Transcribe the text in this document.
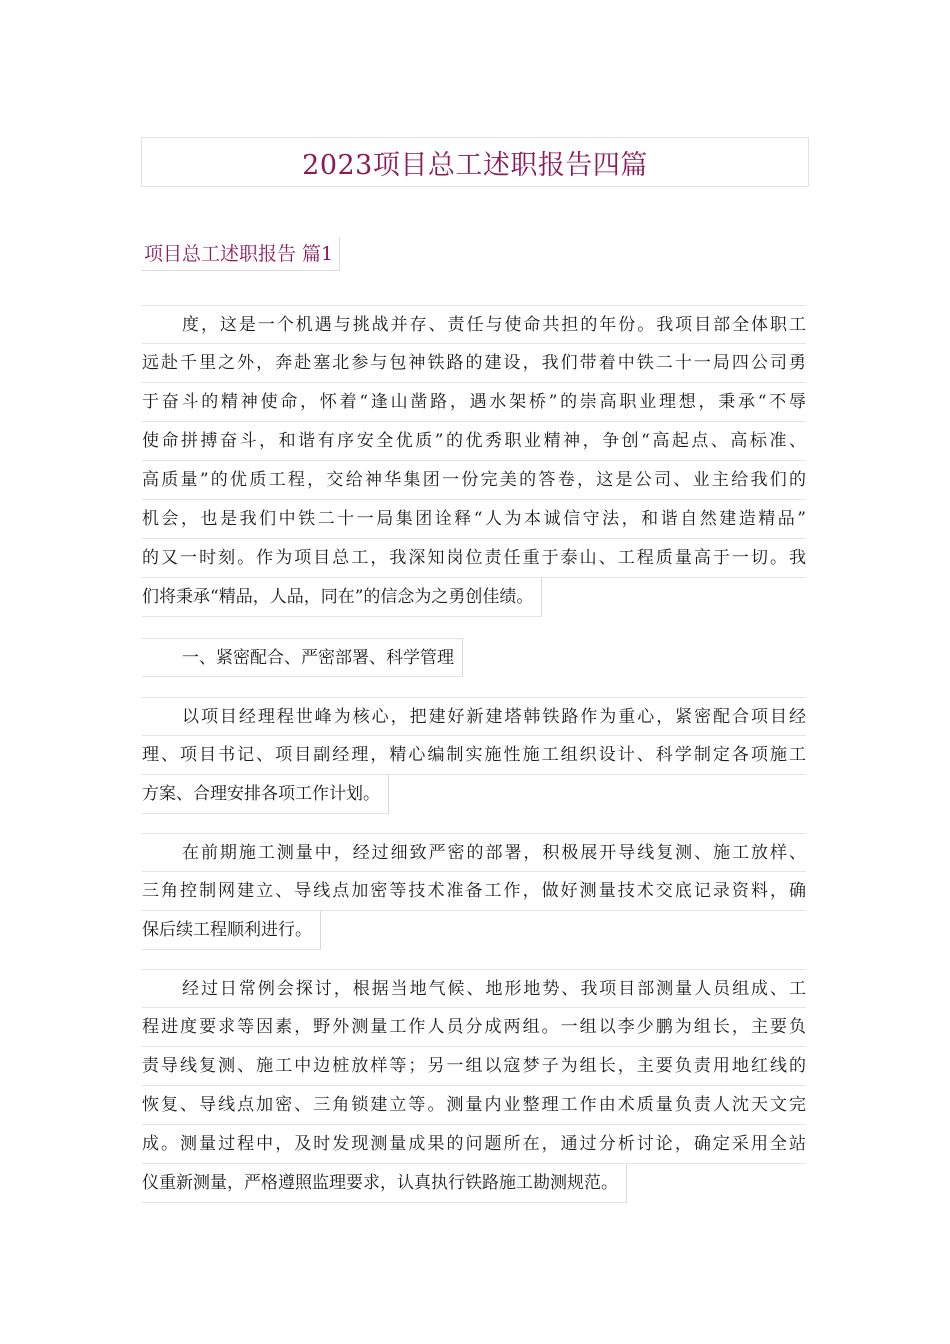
2023项目总工述职报告四篇
项目总工述职报告 篇1
度，这是一个机遇与挑战并存、责任与使命共担的年份。我项目部全体职工
远赴千里之外，奔赴塞北参与包神铁路的建设，我们带着中铁二十一局四公司勇
于奋斗的精神使命，怀着“逢山凿路，遇水架桥”的崇高职业理想，秉承“不辱
使命拼搏奋斗，和谐有序安全优质”的优秀职业精神，争创“高起点、高标准、
高质量”的优质工程，交给神华集团一份完美的答卷，这是公司、业主给我们的
机会，也是我们中铁二十一局集团诠释“人为本诚信守法，和谐自然建造精品”
的又一时刻。作为项目总工，我深知岗位责任重于泰山、工程质量高于一切。我
们将秉承“精品，人品，同在”的信念为之勇创佳绩。
一、紧密配合、严密部署、科学管理
以项目经理程世峰为核心，把建好新建塔韩铁路作为重心，紧密配合项目经
理、项目书记、项目副经理，精心编制实施性施工组织设计、科学制定各项施工
方案、合理安排各项工作计划。
在前期施工测量中，经过细致严密的部署，积极展开导线复测、施工放样、
三角控制网建立、导线点加密等技术准备工作，做好测量技术交底记录资料，确
保后续工程顺利进行。
经过日常例会探讨，根据当地气候、地形地势、我项目部测量人员组成、工
程进度要求等因素，野外测量工作人员分成两组。一组以李少鹏为组长，主要负
责导线复测、施工中边桩放样等；另一组以寇梦子为组长，主要负责用地红线的
恢复、导线点加密、三角锁建立等。测量内业整理工作由术质量负责人沈天文完
成。测量过程中，及时发现测量成果的问题所在，通过分析讨论，确定采用全站
仪重新测量，严格遵照监理要求，认真执行铁路施工勘测规范。
